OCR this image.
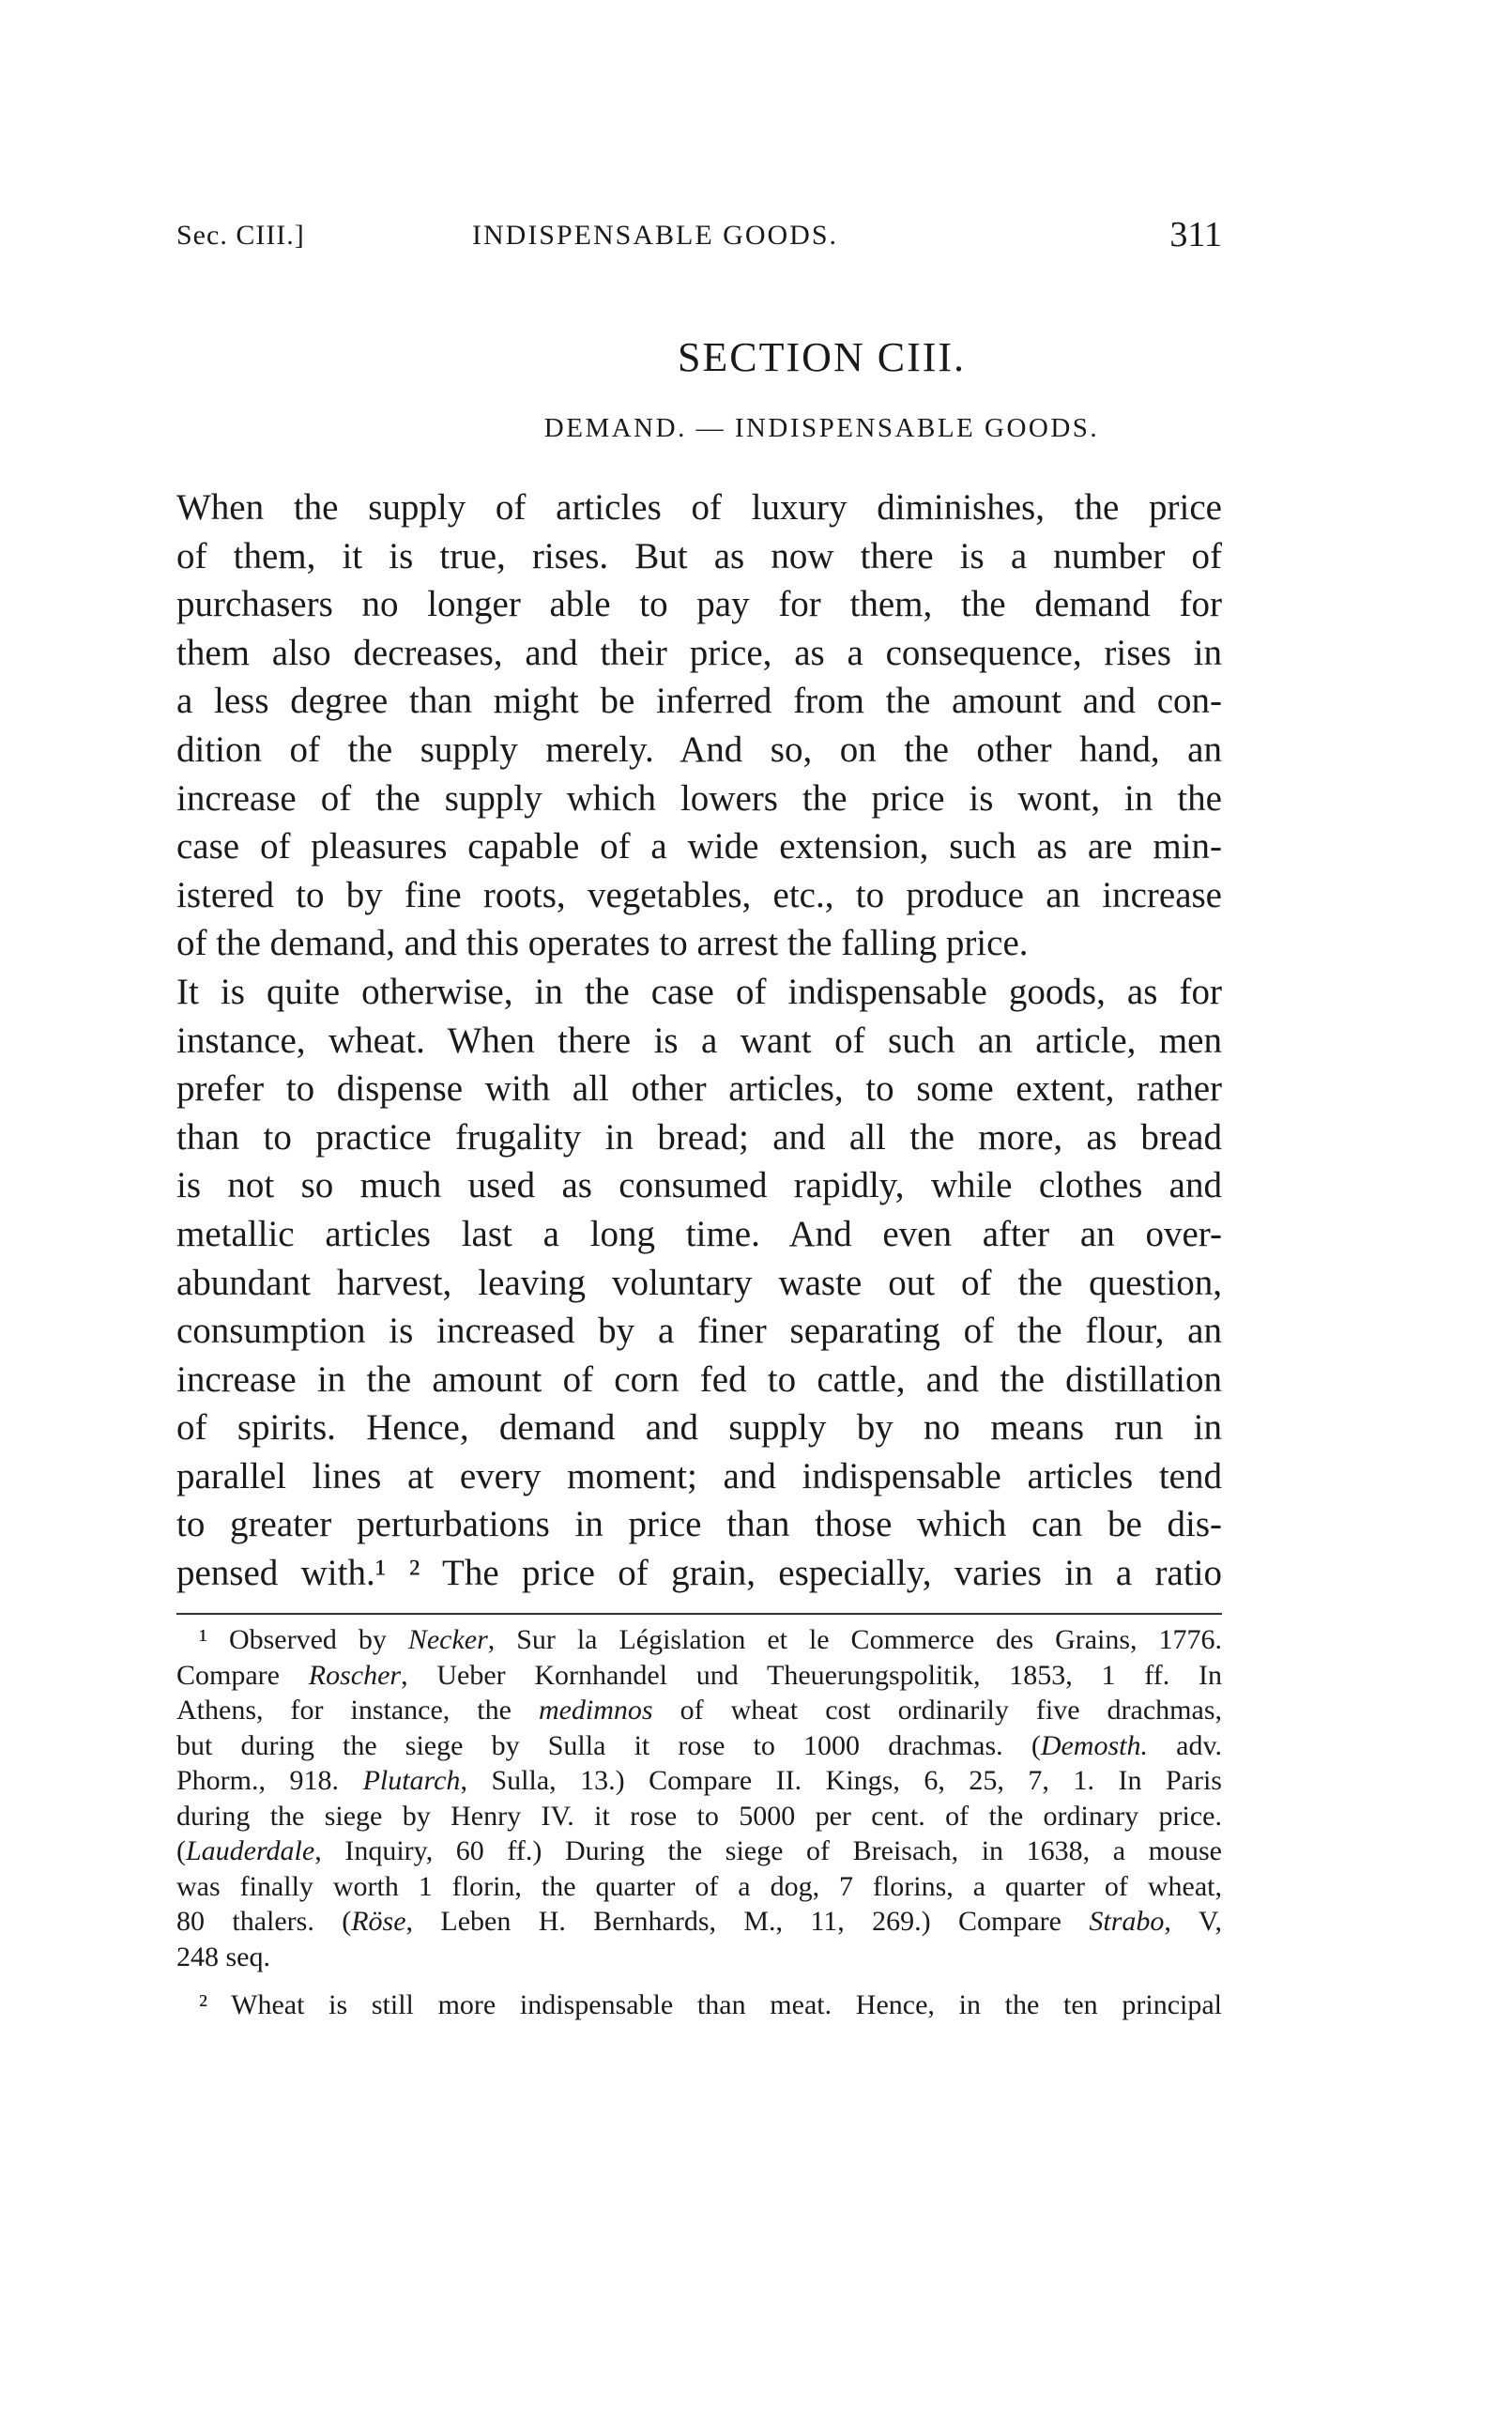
Sec. CIII.]	INDISPENSABLE GOODS.	311
SECTION CIII.
DEMAND. — INDISPENSABLE GOODS.
When the supply of articles of luxury diminishes, the price
of them, it is true, rises. But as now there is a number of
purchasers no longer able to pay for them, the demand for
them also decreases, and their price, as a consequence, rises in
a less degree than might be inferred from the amount and con-
dition of the supply merely. And so, on the other hand, an
increase of the supply which lowers the price is wont, in the
case of pleasures capable of a wide extension, such as are min-
istered to by fine roots, vegetables, etc., to produce an increase
of the demand, and this operates to arrest the falling price.
It is quite otherwise, in the case of indispensable goods, as for
instance, wheat. When there is a want of such an article, men
prefer to dispense with all other articles, to some extent, rather
than to practice frugality in bread; and all the more, as bread
is not so much used as consumed rapidly, while clothes and
metallic articles last a long time. And even after an over-
abundant harvest, leaving voluntary waste out of the question,
consumption is increased by a finer separating of the flour, an
increase in the amount of corn fed to cattle, and the distillation
of spirits. Hence, demand and supply by no means run in
parallel lines at every moment; and indispensable articles tend
to greater perturbations in price than those which can be dis-
pensed with.¹ ² The price of grain, especially, varies in a ratio
¹ Observed by Necker, Sur la Législation et le Commerce des Grains, 1776.
Compare Roscher, Ueber Kornhandel und Theuerungspolitik, 1853, 1 ff. In
Athens, for instance, the medimnos of wheat cost ordinarily five drachmas,
but during the siege by Sulla it rose to 1000 drachmas. (Demosth. adv.
Phorm., 918. Plutarch, Sulla, 13.) Compare II. Kings, 6, 25, 7, 1. In Paris
during the siege by Henry IV. it rose to 5000 per cent. of the ordinary price.
(Lauderdale, Inquiry, 60 ff.) During the siege of Breisach, in 1638, a mouse
was finally worth 1 florin, the quarter of a dog, 7 florins, a quarter of wheat,
80 thalers. (Röse, Leben H. Bernhards, M., 11, 269.) Compare Strabo, V,
248 seq.
² Wheat is still more indispensable than meat. Hence, in the ten principal
